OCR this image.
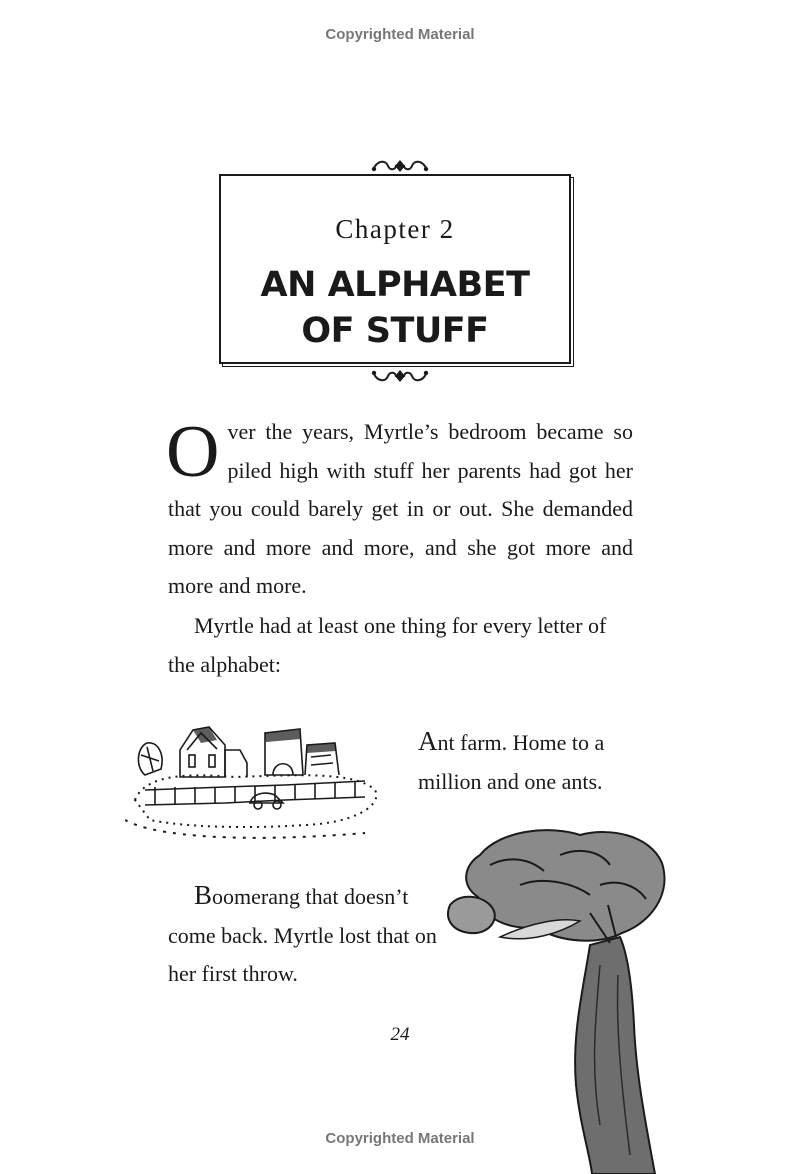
Copyrighted Material
Chapter 2
AN ALPHABET
OF STUFF

Over the years, Myrtle’s bedroom became so piled high with stuff her parents had got her that you could barely get in or out. She demanded more and more and more, and she got more and more and more.

Myrtle had at least one thing for every letter of the alphabet:

Ant farm. Home to a million and one ants.

Boomerang that doesn’t come back. Myrtle lost that on her first throw.

24
Copyrighted Material
